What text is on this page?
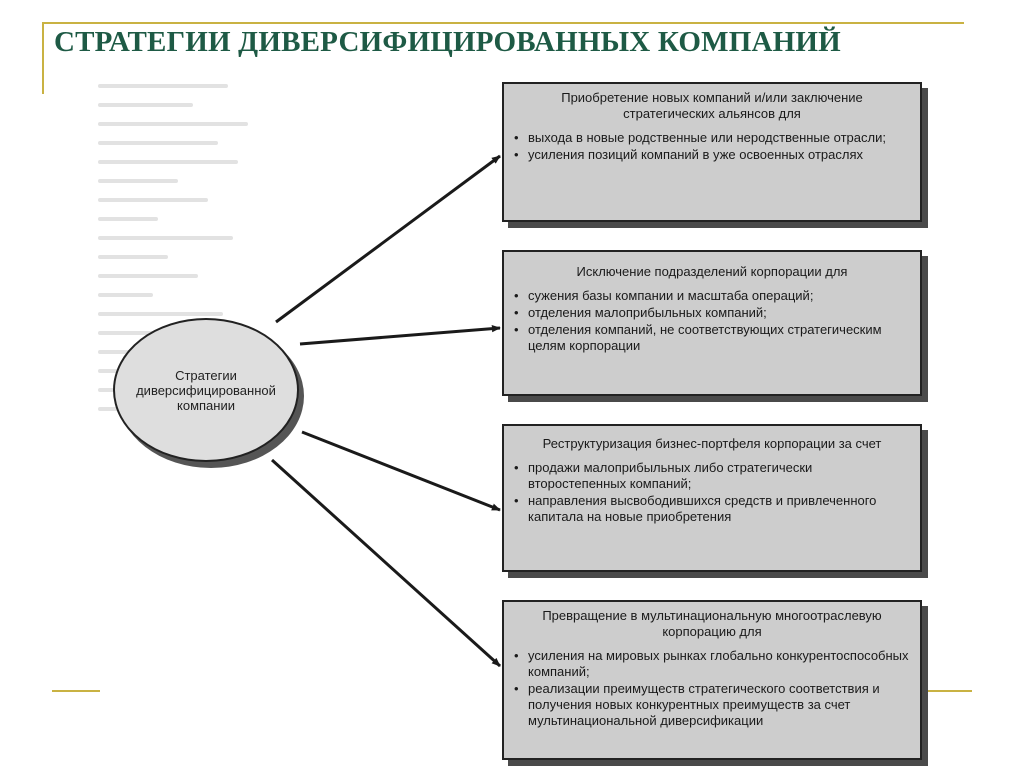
СТРАТЕГИИ ДИВЕРСИФИЦИРОВАННЫХ КОМПАНИЙ
Стратегии диверсифицированной компании
Приобретение новых компаний и/или заключение стратегических альянсов для
• выхода в новые родственные или неродственные отрасли;
• усиления позиций компаний в уже освоенных отраслях
Исключение подразделений корпорации для
• сужения базы компании и масштаба операций;
• отделения малоприбыльных компаний;
• отделения компаний, не соответствующих стратегическим целям корпорации
Реструктуризация бизнес-портфеля корпорации за счет
• продажи малоприбыльных либо стратегически второстепенных компаний;
• направления высвободившихся средств и привлеченного капитала на новые приобретения
Превращение в мультинациональную многоотраслевую корпорацию для
• усиления на мировых рынках глобально конкурентоспособных компаний;
• реализации преимуществ стратегического соответствия и получения новых конкурентных преимуществ за счет мультинациональной диверсификации
